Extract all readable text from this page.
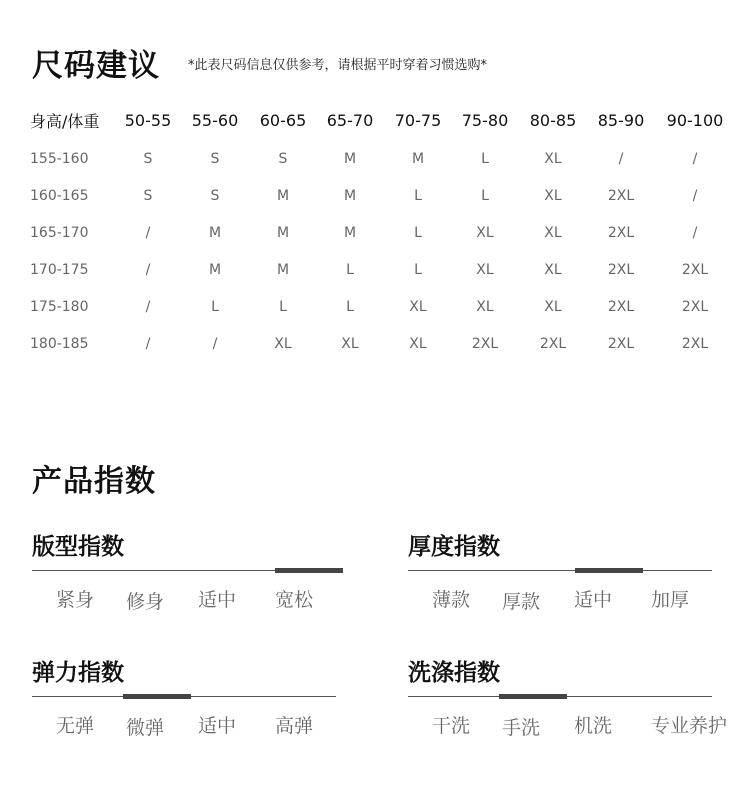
尺码建议 *此表尺码信息仅供参考，请根据平时穿着习惯选购*
身高/体重	50-55	55-60	60-65	65-70	70-75	75-80	80-85	85-90	90-100
155-160	S	S	S	M	M	L	XL	/	/
160-165	S	S	M	M	L	L	XL	2XL	/
165-170	/	M	M	M	L	XL	XL	2XL	/
170-175	/	M	M	L	L	XL	XL	2XL	2XL
175-180	/	L	L	L	XL	XL	XL	2XL	2XL
180-185	/	/	XL	XL	XL	2XL	2XL	2XL	2XL
产品指数
版型指数
紧身 修身 适中 宽松
厚度指数
薄款 厚款 适中 加厚
弹力指数
无弹 微弹 适中 高弹
洗涤指数
干洗 手洗 机洗 专业养护
